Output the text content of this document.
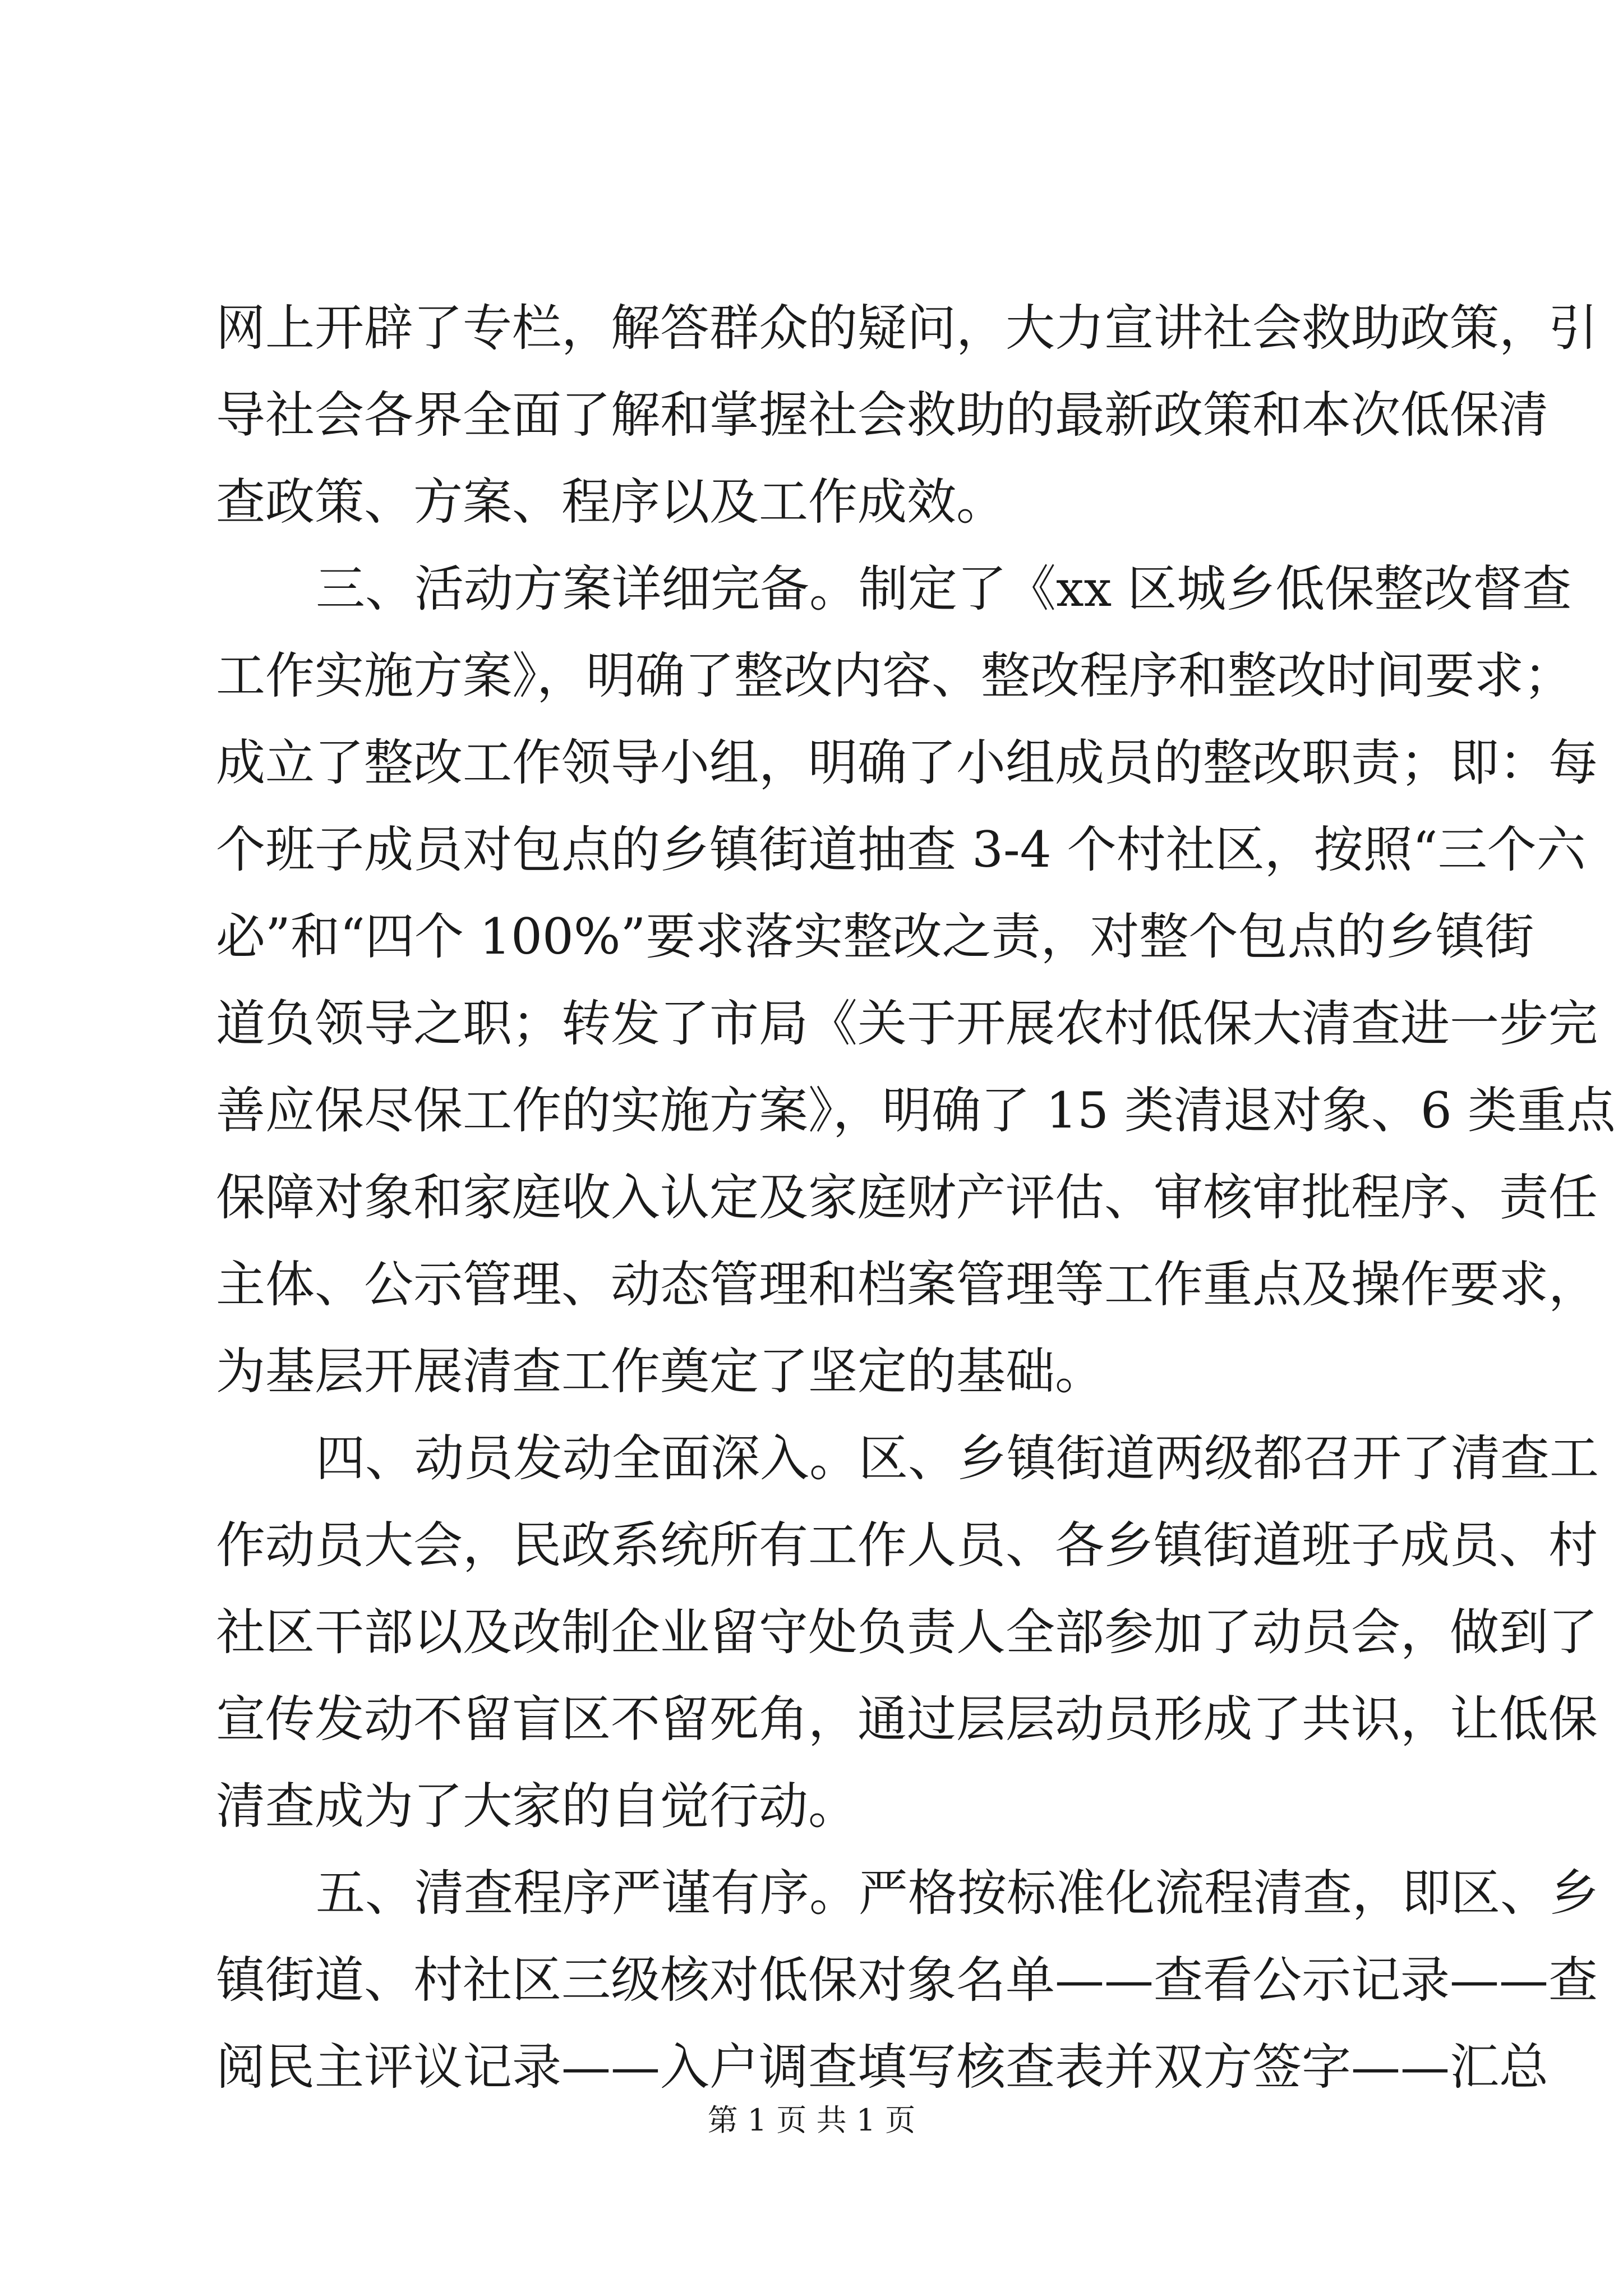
网上开辟了专栏，解答群众的疑问，大力宣讲社会救助政策，引
导社会各界全面了解和掌握社会救助的最新政策和本次低保清
查政策、方案、程序以及工作成效。
三、活动方案详细完备。制定了《xx 区城乡低保整改督查
工作实施方案》，明确了整改内容、整改程序和整改时间要求；
成立了整改工作领导小组，明确了小组成员的整改职责；即：每
个班子成员对包点的乡镇街道抽查 3-4 个村社区，按照“三个六
必”和“四个 100%”要求落实整改之责，对整个包点的乡镇街
道负领导之职；转发了市局《关于开展农村低保大清查进一步完
善应保尽保工作的实施方案》，明确了 15 类清退对象、6 类重点
保障对象和家庭收入认定及家庭财产评估、审核审批程序、责任
主体、公示管理、动态管理和档案管理等工作重点及操作要求，
为基层开展清查工作奠定了坚定的基础。
四、动员发动全面深入。区、乡镇街道两级都召开了清查工
作动员大会，民政系统所有工作人员、各乡镇街道班子成员、村
社区干部以及改制企业留守处负责人全部参加了动员会，做到了
宣传发动不留盲区不留死角，通过层层动员形成了共识，让低保
清查成为了大家的自觉行动。
五、清查程序严谨有序。严格按标准化流程清查，即区、乡
镇街道、村社区三级核对低保对象名单——查看公示记录——查
阅民主评议记录——入户调查填写核查表并双方签字——汇总
第 1 页 共 1 页
